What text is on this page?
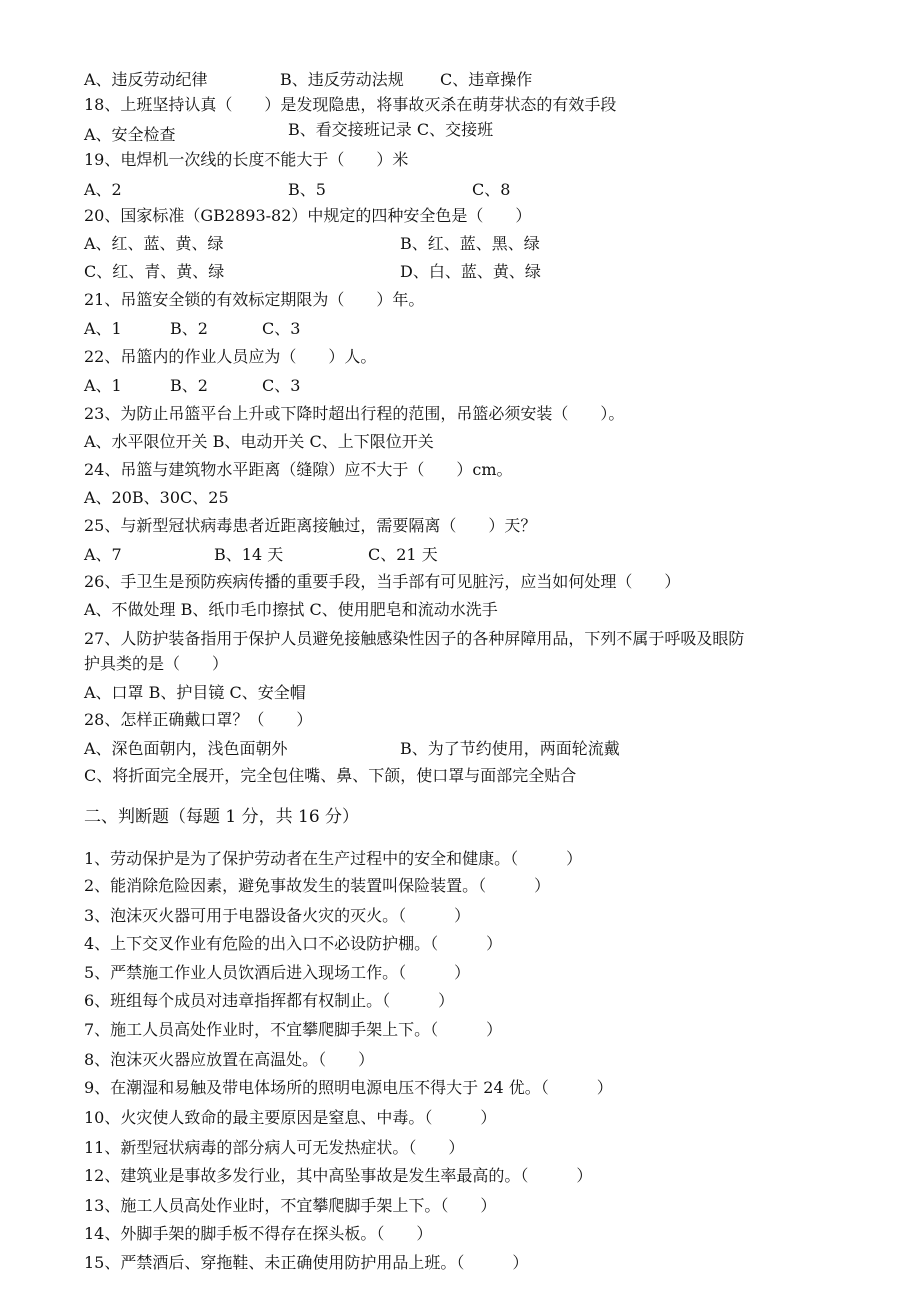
A、违反劳动纪律	B、违反劳动法规 C、违章操作
18、上班坚持认真（　　）是发现隐患，将事故灭杀在萌芽状态的有效手段
A、安全检查	B、看交接班记录 C、交接班
19、电焊机一次线的长度不能大于（　　）米
A、2	B、5	C、8
20、国家标准（GB2893-82）中规定的四种安全色是（　　）
A、红、蓝、黄、绿	B、红、蓝、黑、绿
C、红、青、黄、绿	D、白、蓝、黄、绿
21、吊篮安全锁的有效标定期限为（　　）年。
A、1	B、2	C、3
22、吊篮内的作业人员应为（　　）人。
A、1	B、2	C、3
23、为防止吊篮平台上升或下降时超出行程的范围，吊篮必须安装（　　）。
A、水平限位开关 B、电动开关 C、上下限位开关
24、吊篮与建筑物水平距离（缝隙）应不大于（　　）cm。
A、20B、30C、25
25、与新型冠状病毒患者近距离接触过，需要隔离（　　）天？
A、7	B、14 天	C、21 天
26、手卫生是预防疾病传播的重要手段，当手部有可见脏污，应当如何处理（　　）
A、不做处理 B、纸巾毛巾擦拭 C、使用肥皂和流动水洗手
27、人防护装备指用于保护人员避免接触感染性因子的各种屏障用品，下列不属于呼吸及眼防
护具类的是（　　）
A、口罩 B、护目镜 C、安全帽
28、怎样正确戴口罩？（　　）
A、深色面朝内，浅色面朝外	B、为了节约使用，两面轮流戴
C、将折面完全展开，完全包住嘴、鼻、下颌，使口罩与面部完全贴合
二、判断题（每题 1 分，共 16 分）
1、劳动保护是为了保护劳动者在生产过程中的安全和健康。（　　　）
2、能消除危险因素，避免事故发生的装置叫保险装置。（　　　）
3、泡沫灭火器可用于电器设备火灾的灭火。（　　　）
4、上下交叉作业有危险的出入口不必设防护棚。（　　　）
5、严禁施工作业人员饮酒后进入现场工作。（　　　）
6、班组每个成员对违章指挥都有权制止。（　　　）
7、施工人员高处作业时，不宜攀爬脚手架上下。（　　　）
8、泡沫灭火器应放置在高温处。（　　）
9、在潮湿和易触及带电体场所的照明电源电压不得大于 24 优。（　　　）
10、火灾使人致命的最主要原因是窒息、中毒。（　　　）
11、新型冠状病毒的部分病人可无发热症状。（　　）
12、建筑业是事故多发行业，其中高坠事故是发生率最高的。（　　　）
13、施工人员高处作业时，不宜攀爬脚手架上下。（　　）
14、外脚手架的脚手板不得存在探头板。（　　）
15、严禁酒后、穿拖鞋、未正确使用防护用品上班。（　　　）
